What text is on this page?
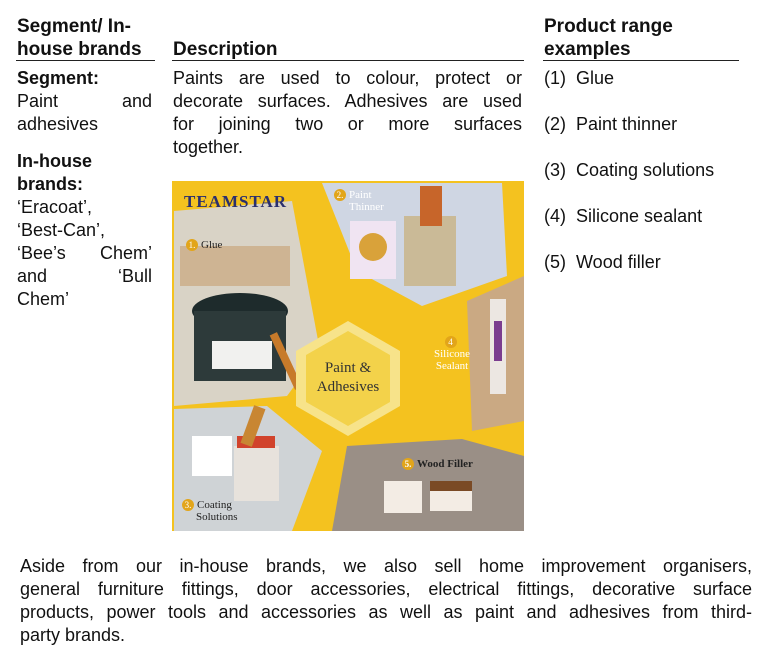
Segment/ In-
house brands Description
Product range
examples
Segment:
Paint	and
adhesives
In-house
brands:
‘Eracoat’,
‘Best-Can’,
‘Bee’s Chem’
and	‘Bull
Chem’
Paints are used to colour, protect or
decorate surfaces. Adhesives are used
for joining two or more surfaces
together.
(1) Glue
(2) Paint thinner
(3) Coating solutions
(4) Silicone sealant
(5) Wood filler
TEAMSTAR
1. Glue
2. Paint
Thinner
Paint &
Adhesives
4
Silicone
Sealant
3. Coating
Solutions
5. Wood Filler
Aside from our in-house brands, we also sell home improvement organisers,
general furniture fittings, door accessories, electrical fittings, decorative surface
products, power tools and accessories as well as paint and adhesives from third-
party brands.
